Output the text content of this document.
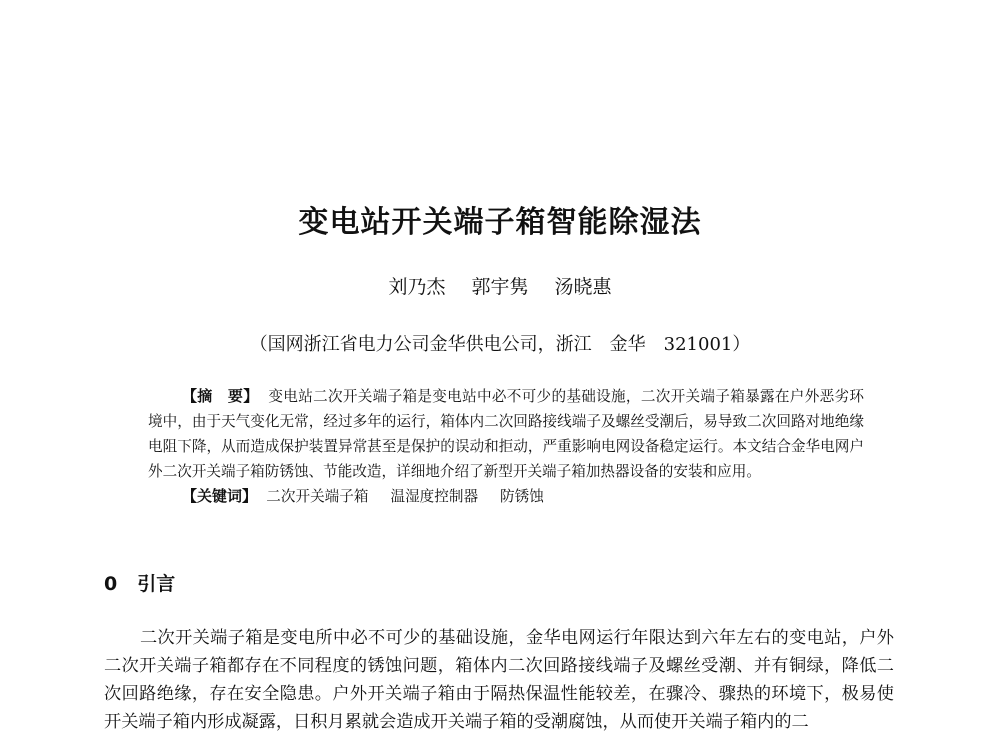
变电站开关端子箱智能除湿法
刘乃杰 郭宇隽 汤晓惠
（国网浙江省电力公司金华供电公司，浙江　金华　321001）

【摘　要】 变电站二次开关端子箱是变电站中必不可少的基础设施，二次开关端子箱暴露在户外恶劣环境中，由于天气变化无常，经过多年的运行，箱体内二次回路接线端子及螺丝受潮后，易导致二次回路对地绝缘电阻下降，从而造成保护装置异常甚至是保护的误动和拒动，严重影响电网设备稳定运行。本文结合金华电网户外二次开关端子箱防锈蚀、节能改造，详细地介绍了新型开关端子箱加热器设备的安装和应用。

【关键词】 二次开关端子箱 温湿度控制器 防锈蚀
0 引言

二次开关端子箱是变电所中必不可少的基础设施，金华电网运行年限达到六年左右的变电站，户外二次开关端子箱都存在不同程度的锈蚀问题，箱体内二次回路接线端子及螺丝受潮、并有铜绿，降低二次回路绝缘，存在安全隐患。户外开关端子箱由于隔热保温性能较差，在骤冷、骤热的环境下，极易使开关端子箱内形成凝露，日积月累就会造成开关端子箱的受潮腐蚀，从而使开关端子箱内的二
